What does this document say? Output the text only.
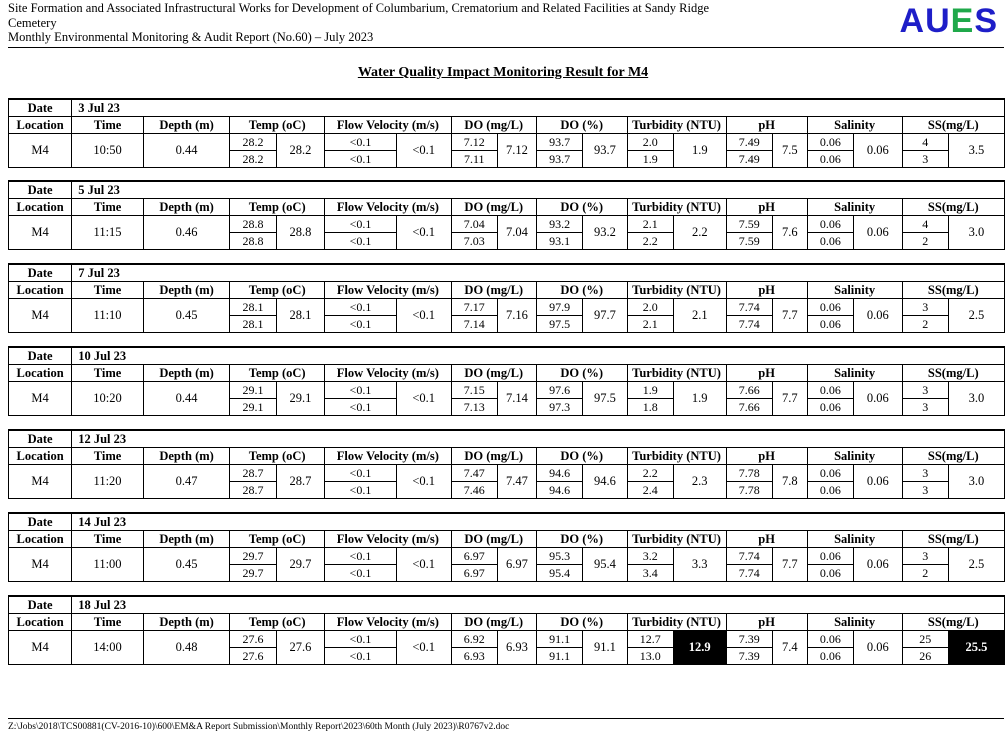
Site Formation and Associated Infrastructural Works for Development of Columbarium, Crematorium and Related Facilities at Sandy Ridge
Cemetery
Monthly Environmental Monitoring & Audit Report (No.60) – July 2023	AUES
Water Quality Impact Monitoring Result for M4
Date	3 Jul 23																	
Location	Time	Depth (m)	Temp (oC)		Flow Velocity (m/s)		DO (mg/L)		DO (%)		Turbidity (NTU)		pH		Salinity		SS(mg/L)	
M4	10:50	0.44	28.2	28.2	<0.1	<0.1	7.12	7.12	93.7	93.7	2.0	1.9	7.49	7.5	0.06	0.06	4	3.5
			28.2		<0.1		7.11		93.7		1.9		7.49		0.06		3	
Date	5 Jul 23																	
Location	Time	Depth (m)	Temp (oC)		Flow Velocity (m/s)		DO (mg/L)		DO (%)		Turbidity (NTU)		pH		Salinity		SS(mg/L)	
M4	11:15	0.46	28.8	28.8	<0.1	<0.1	7.04	7.04	93.2	93.2	2.1	2.2	7.59	7.6	0.06	0.06	4	3.0
			28.8		<0.1		7.03		93.1		2.2		7.59		0.06		2	
Date	7 Jul 23																	
Location	Time	Depth (m)	Temp (oC)		Flow Velocity (m/s)		DO (mg/L)		DO (%)		Turbidity (NTU)		pH		Salinity		SS(mg/L)	
M4	11:10	0.45	28.1	28.1	<0.1	<0.1	7.17	7.16	97.9	97.7	2.0	2.1	7.74	7.7	0.06	0.06	3	2.5
			28.1		<0.1		7.14		97.5		2.1		7.74		0.06		2	
Date	10 Jul 23																	
Location	Time	Depth (m)	Temp (oC)		Flow Velocity (m/s)		DO (mg/L)		DO (%)		Turbidity (NTU)		pH		Salinity		SS(mg/L)	
M4	10:20	0.44	29.1	29.1	<0.1	<0.1	7.15	7.14	97.6	97.5	1.9	1.9	7.66	7.7	0.06	0.06	3	3.0
			29.1		<0.1		7.13		97.3		1.8		7.66		0.06		3	
Date	12 Jul 23																	
Location	Time	Depth (m)	Temp (oC)		Flow Velocity (m/s)		DO (mg/L)		DO (%)		Turbidity (NTU)		pH		Salinity		SS(mg/L)	
M4	11:20	0.47	28.7	28.7	<0.1	<0.1	7.47	7.47	94.6	94.6	2.2	2.3	7.78	7.8	0.06	0.06	3	3.0
			28.7		<0.1		7.46		94.6		2.4		7.78		0.06		3	
Date	14 Jul 23																	
Location	Time	Depth (m)	Temp (oC)		Flow Velocity (m/s)		DO (mg/L)		DO (%)		Turbidity (NTU)		pH		Salinity		SS(mg/L)	
M4	11:00	0.45	29.7	29.7	<0.1	<0.1	6.97	6.97	95.3	95.4	3.2	3.3	7.74	7.7	0.06	0.06	3	2.5
			29.7		<0.1		6.97		95.4		3.4		7.74		0.06		2	
Date	18 Jul 23																	
Location	Time	Depth (m)	Temp (oC)		Flow Velocity (m/s)		DO (mg/L)		DO (%)		Turbidity (NTU)		pH		Salinity		SS(mg/L)	
M4	14:00	0.48	27.6	27.6	<0.1	<0.1	6.92	6.93	91.1	91.1	12.7	12.9	7.39	7.4	0.06	0.06	25	25.5
			27.6		<0.1		6.93		91.1		13.0		7.39		0.06		26	
Z:\Jobs\2018\TCS00881(CV-2016-10)\600\EM&A Report Submission\Monthly Report\2023\60th Month (July 2023)\R0767v2.doc
